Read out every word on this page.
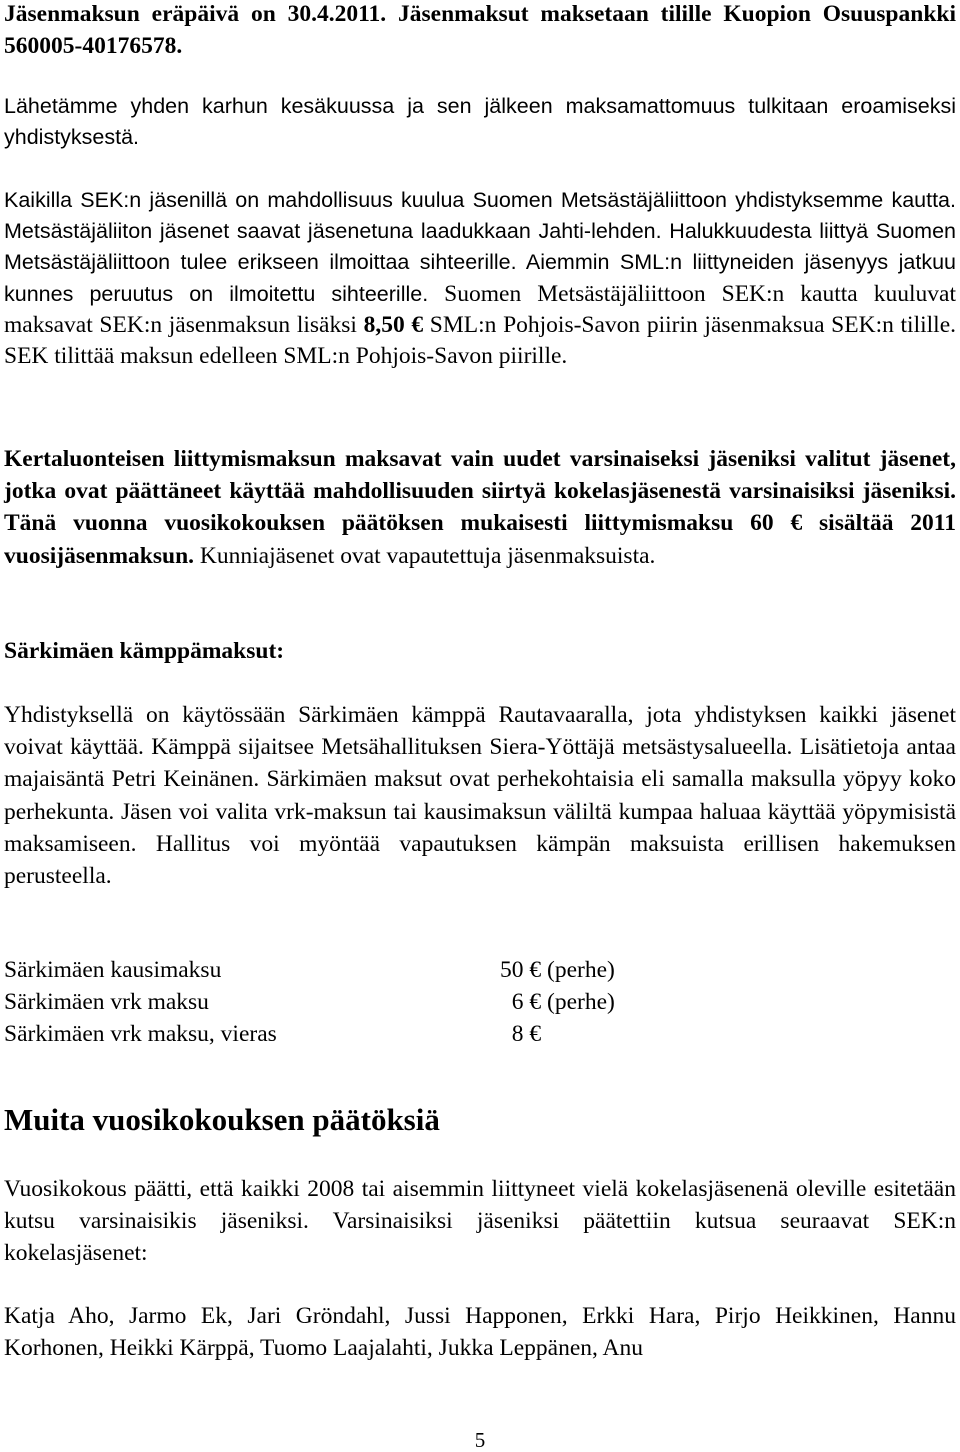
Jäsenmaksun eräpäivä on 30.4.2011. Jäsenmaksut maksetaan tilille Kuopion Osuuspankki 560005-40176578.

Lähetämme yhden karhun kesäkuussa ja sen jälkeen maksamattomuus tulkitaan eroamiseksi yhdistyksestä.

Kaikilla SEK:n jäsenillä on mahdollisuus kuulua Suomen Metsästäjäliittoon yhdistyksemme kautta. Metsästäjäliiton jäsenet saavat jäsenetuna laadukkaan Jahti-lehden. Halukkuudesta liittyä Suomen Metsästäjäliittoon tulee erikseen ilmoittaa sihteerille. Aiemmin SML:n liittyneiden jäsenyys jatkuu kunnes peruutus on ilmoitettu sihteerille. Suomen Metsästäjäliittoon SEK:n kautta kuuluvat maksavat SEK:n jäsenmaksun lisäksi 8,50 € SML:n Pohjois-Savon piirin jäsenmaksua SEK:n tilille. SEK tilittää maksun edelleen SML:n Pohjois-Savon piirille.

Kertaluonteisen liittymismaksun maksavat vain uudet varsinaiseksi jäseniksi valitut jäsenet, jotka ovat päättäneet käyttää mahdollisuuden siirtyä kokelasjäsenestä varsinaisiksi jäseniksi. Tänä vuonna vuosikokouksen päätöksen mukaisesti liittymismaksu 60 € sisältää 2011 vuosijäsenmaksun. Kunniajäsenet ovat vapautettuja jäsenmaksuista.

Särkimäen kämppämaksut:

Yhdistyksellä on käytössään Särkimäen kämppä Rautavaaralla, jota yhdistyksen kaikki jäsenet voivat käyttää. Kämppä sijaitsee Metsähallituksen Siera-Yöttäjä metsästysalueella. Lisätietoja antaa majaisäntä Petri Keinänen. Särkimäen maksut ovat perhekohtaisia eli samalla maksulla yöpyy koko perhekunta. Jäsen voi valita vrk-maksun tai kausimaksun väliltä kumpaa haluaa käyttää yöpymisistä maksamiseen. Hallitus voi myöntää vapautuksen kämpän maksuista erillisen hakemuksen perusteella.

Särkimäen kausimaksu	50 € (perhe)
Särkimäen vrk maksu	6 € (perhe)
Särkimäen vrk maksu, vieras	8 €
Muita vuosikokouksen päätöksiä

Vuosikokous päätti, että kaikki 2008 tai aisemmin liittyneet vielä kokelasjäsenenä oleville esitetään kutsu varsinaisikis jäseniksi. Varsinaisiksi jäseniksi päätettiin kutsua seuraavat SEK:n kokelasjäsenet:

Katja Aho, Jarmo Ek, Jari Gröndahl, Jussi Happonen, Erkki Hara, Pirjo Heikkinen, Hannu Korhonen, Heikki Kärppä, Tuomo Laajalahti, Jukka Leppänen, Anu

5
